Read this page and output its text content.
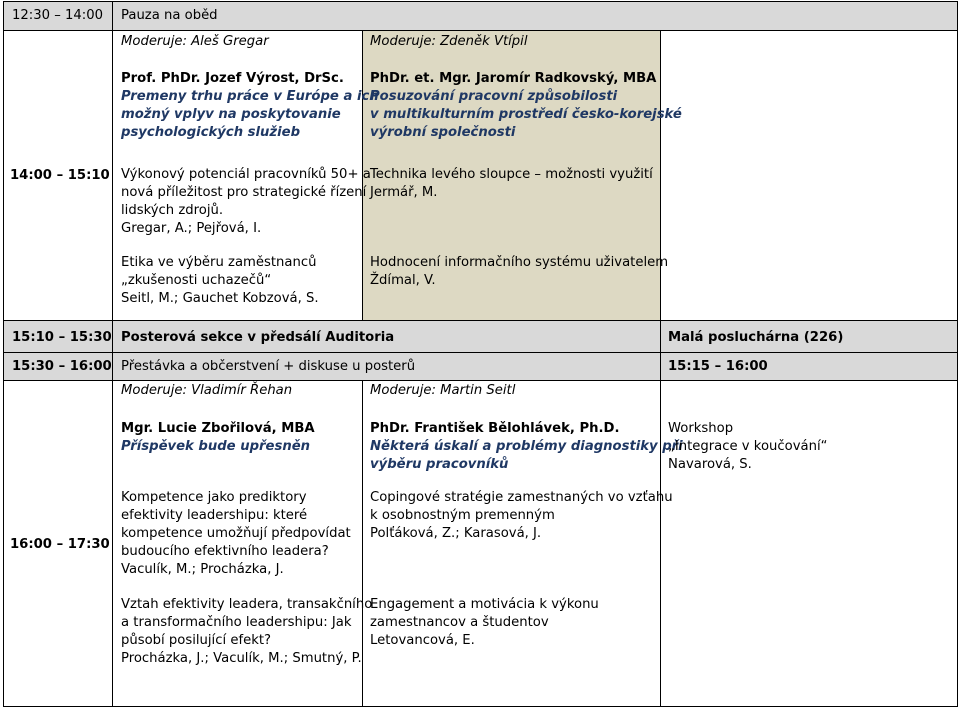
12:30 – 14:00 Pauza na oběd
14:00 – 15:10
Moderuje: Aleš Gregar
Prof. PhDr. Jozef Výrost, DrSc.
Premeny trhu práce v Európe a ich
možný vplyv na poskytovanie
psychologických služieb
Výkonový potenciál pracovníků 50+ a
nová příležitost pro strategické řízení
lidských zdrojů.
Gregar, A.; Pejřová, I.
Etika ve výběru zaměstnanců
„zkušenosti uchazečů“
Seitl, M.; Gauchet Kobzová, S.
Moderuje: Zdeněk Vtípil
PhDr. et. Mgr. Jaromír Radkovský, MBA
Posuzování pracovní způsobilosti
v multikulturním prostředí česko-korejské
výrobní společnosti
Technika levého sloupce – možnosti využití
Jermář, M.
Hodnocení informačního systému uživatelem
Ždímal, V.
15:10 – 15:30 Posterová sekce v předsálí Auditoria	Malá posluchárna (226)
15:30 – 16:00 Přestávka a občerstvení + diskuse u posterů	15:15 – 16:00
16:00 – 17:30
Moderuje: Vladimír Řehan
Mgr. Lucie Zbořilová, MBA
Příspěvek bude upřesněn
Kompetence jako prediktory
efektivity leadershipu: které
kompetence umožňují předpovídat
budoucího efektivního leadera?
Vaculík, M.; Procházka, J.
Vztah efektivity leadera, transakčního
a transformačního leadershipu: Jak
působí posilující efekt?
Procházka, J.; Vaculík, M.; Smutný, P.
Moderuje: Martin Seitl
PhDr. František Bělohlávek, Ph.D.
Některá úskalí a problémy diagnostiky při
výběru pracovníků
Copingové stratégie zamestnaných vo vzťahu
k osobnostným premenným
Polťáková, Z.; Karasová, J.
Engagement a motivácia k výkonu
zamestnancov a študentov
Letovancová, E.
Workshop
„Integrace v koučování“
Navarová, S.
